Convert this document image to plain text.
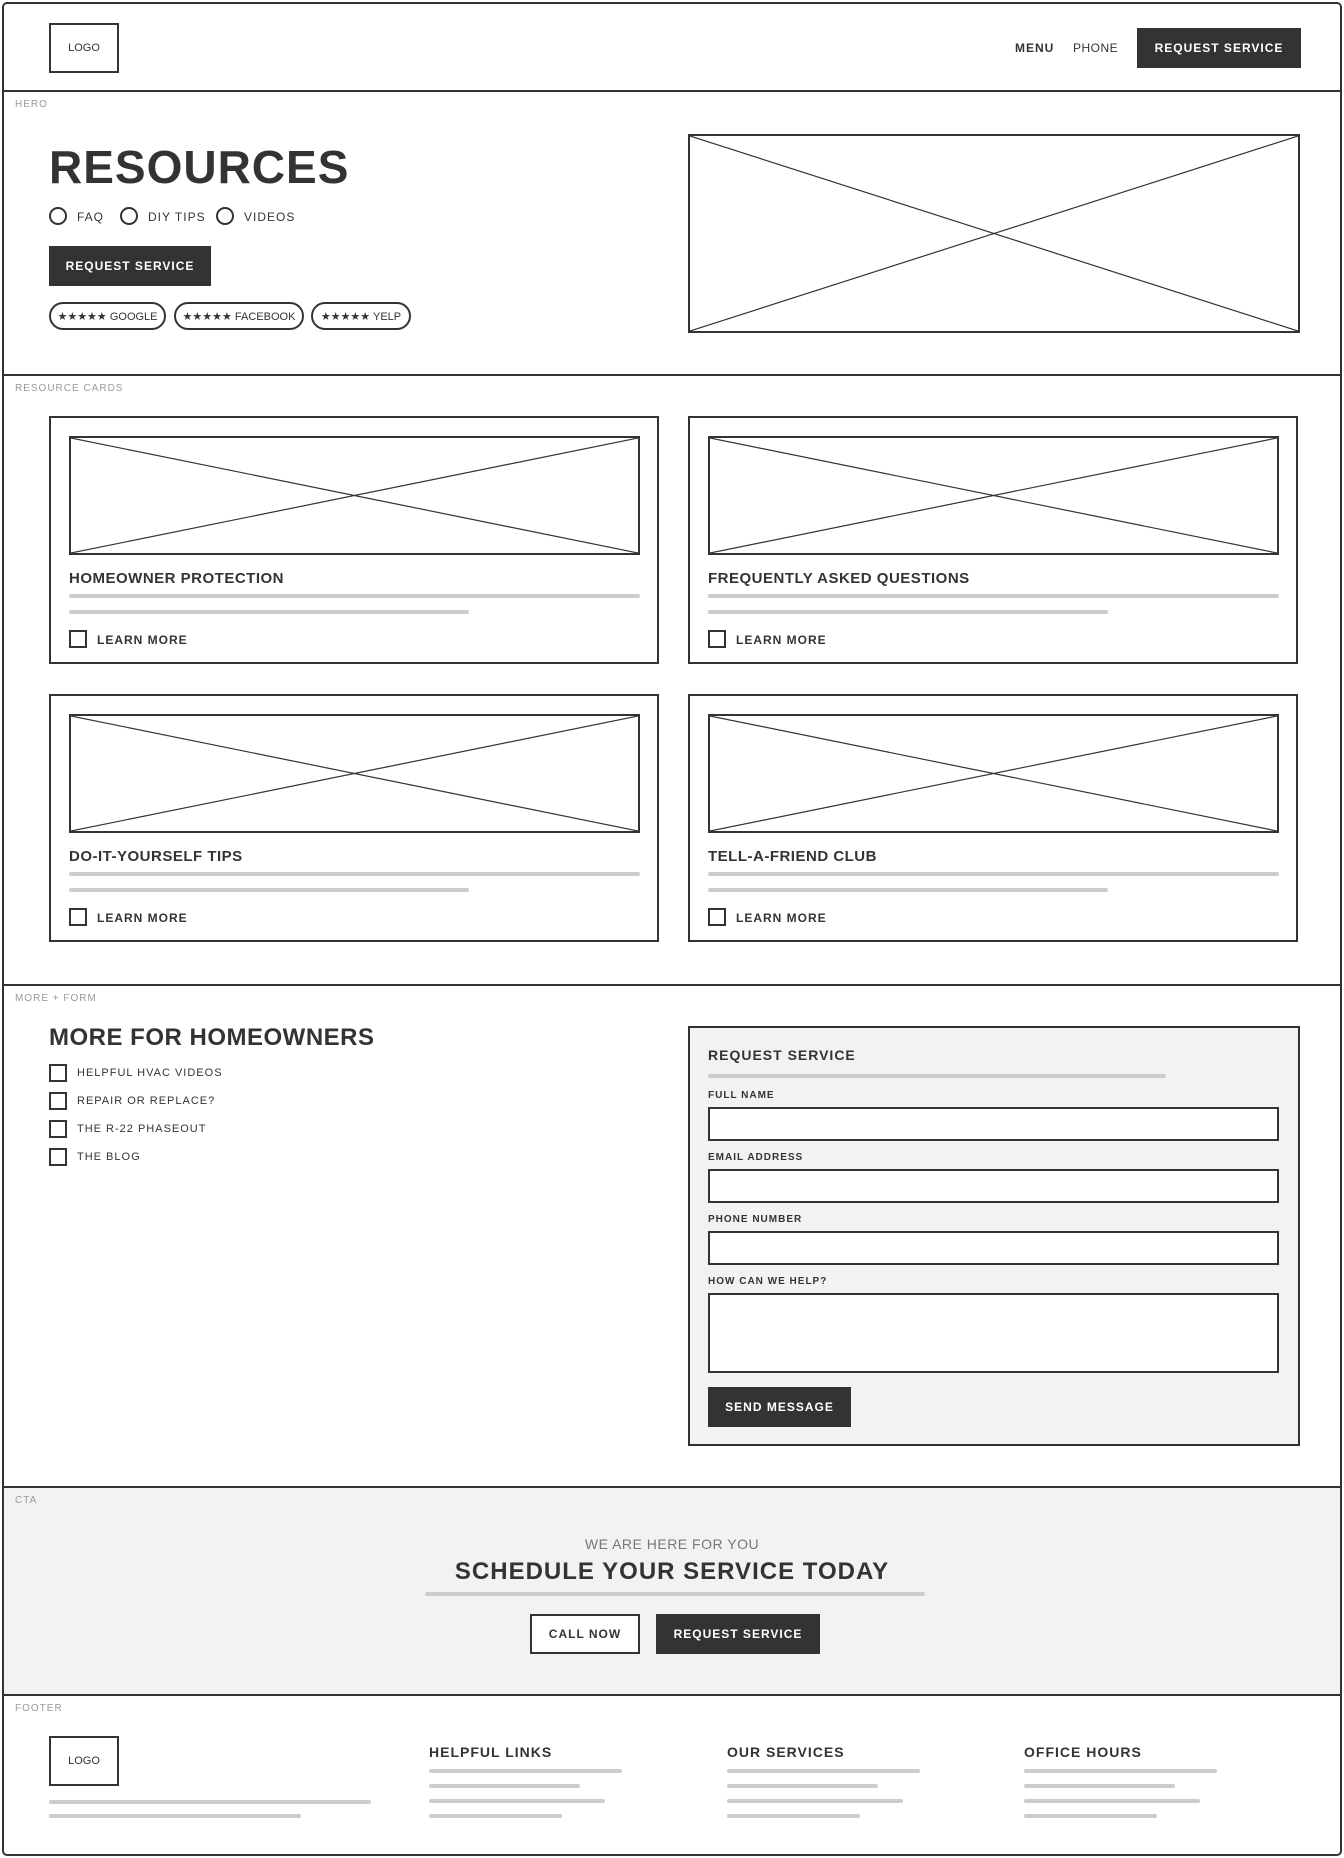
LOGO	MENU PHONE	REQUEST SERVICE
HERO
RESOURCES
FAQ	DIY TIPS	VIDEOS
REQUEST SERVICE
★★★★★ GOOGLE	★★★★★ FACEBOOK	★★★★★ YELP
RESOURCE CARDS
HOMEOWNER PROTECTION
LEARN MORE
FREQUENTLY ASKED QUESTIONS
LEARN MORE
DO-IT-YOURSELF TIPS
LEARN MORE
TELL-A-FRIEND CLUB
LEARN MORE
MORE + FORM
MORE FOR HOMEOWNERS
HELPFUL HVAC VIDEOS
REPAIR OR REPLACE?
THE R-22 PHASEOUT
THE BLOG
REQUEST SERVICE
FULL NAME
EMAIL ADDRESS
PHONE NUMBER
HOW CAN WE HELP?
SEND MESSAGE
CTA
WE ARE HERE FOR YOU
SCHEDULE YOUR SERVICE TODAY
CALL NOW	REQUEST SERVICE
FOOTER
LOGO
HELPFUL LINKS	OUR SERVICES	OFFICE HOURS
